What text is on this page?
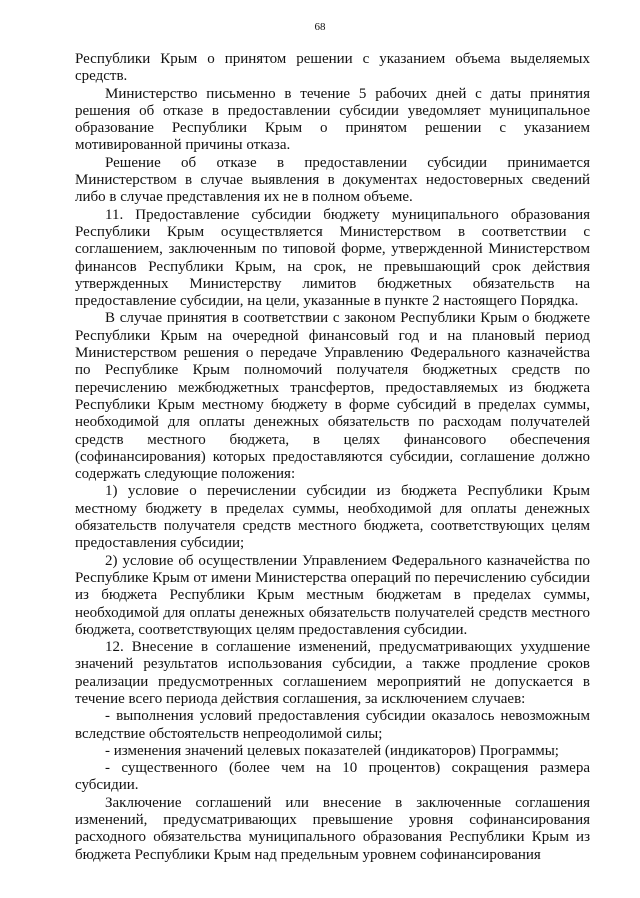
68

Республики Крым о принятом решении с указанием объема выделяемых средств.

Министерство письменно в течение 5 рабочих дней с даты принятия решения об отказе в предоставлении субсидии уведомляет муниципальное образование Республики Крым о принятом решении с указанием мотивированной причины отказа.

Решение об отказе в предоставлении субсидии принимается Министерством в случае выявления в документах недостоверных сведений либо в случае представления их не в полном объеме.

11. Предоставление субсидии бюджету муниципального образования Республики Крым осуществляется Министерством в соответствии с соглашением, заключенным по типовой форме, утвержденной Министерством финансов Республики Крым, на срок, не превышающий срок действия утвержденных Министерству лимитов бюджетных обязательств на предоставление субсидии, на цели, указанные в пункте 2 настоящего Порядка.

В случае принятия в соответствии с законом Республики Крым о бюджете Республики Крым на очередной финансовый год и на плановый период Министерством решения о передаче Управлению Федерального казначейства по Республике Крым полномочий получателя бюджетных средств по перечислению межбюджетных трансфертов, предоставляемых из бюджета Республики Крым местному бюджету в форме субсидий в пределах суммы, необходимой для оплаты денежных обязательств по расходам получателей средств местного бюджета, в целях финансового обеспечения (софинансирования) которых предоставляются субсидии, соглашение должно содержать следующие положения:

1) условие о перечислении субсидии из бюджета Республики Крым местному бюджету в пределах суммы, необходимой для оплаты денежных обязательств получателя средств местного бюджета, соответствующих целям предоставления субсидии;

2) условие об осуществлении Управлением Федерального казначейства по Республике Крым от имени Министерства операций по перечислению субсидии из бюджета Республики Крым местным бюджетам в пределах суммы, необходимой для оплаты денежных обязательств получателей средств местного бюджета, соответствующих целям предоставления субсидии.

12. Внесение в соглашение изменений, предусматривающих ухудшение значений результатов использования субсидии, а также продление сроков реализации предусмотренных соглашением мероприятий не допускается в течение всего периода действия соглашения, за исключением случаев:

- выполнения условий предоставления субсидии оказалось невозможным вследствие обстоятельств непреодолимой силы;

- изменения значений целевых показателей (индикаторов) Программы;

- существенного (более чем на 10 процентов) сокращения размера субсидии.

Заключение соглашений или внесение в заключенные соглашения изменений, предусматривающих превышение уровня софинансирования расходного обязательства муниципального образования Республики Крым из бюджета Республики Крым над предельным уровнем софинансирования
